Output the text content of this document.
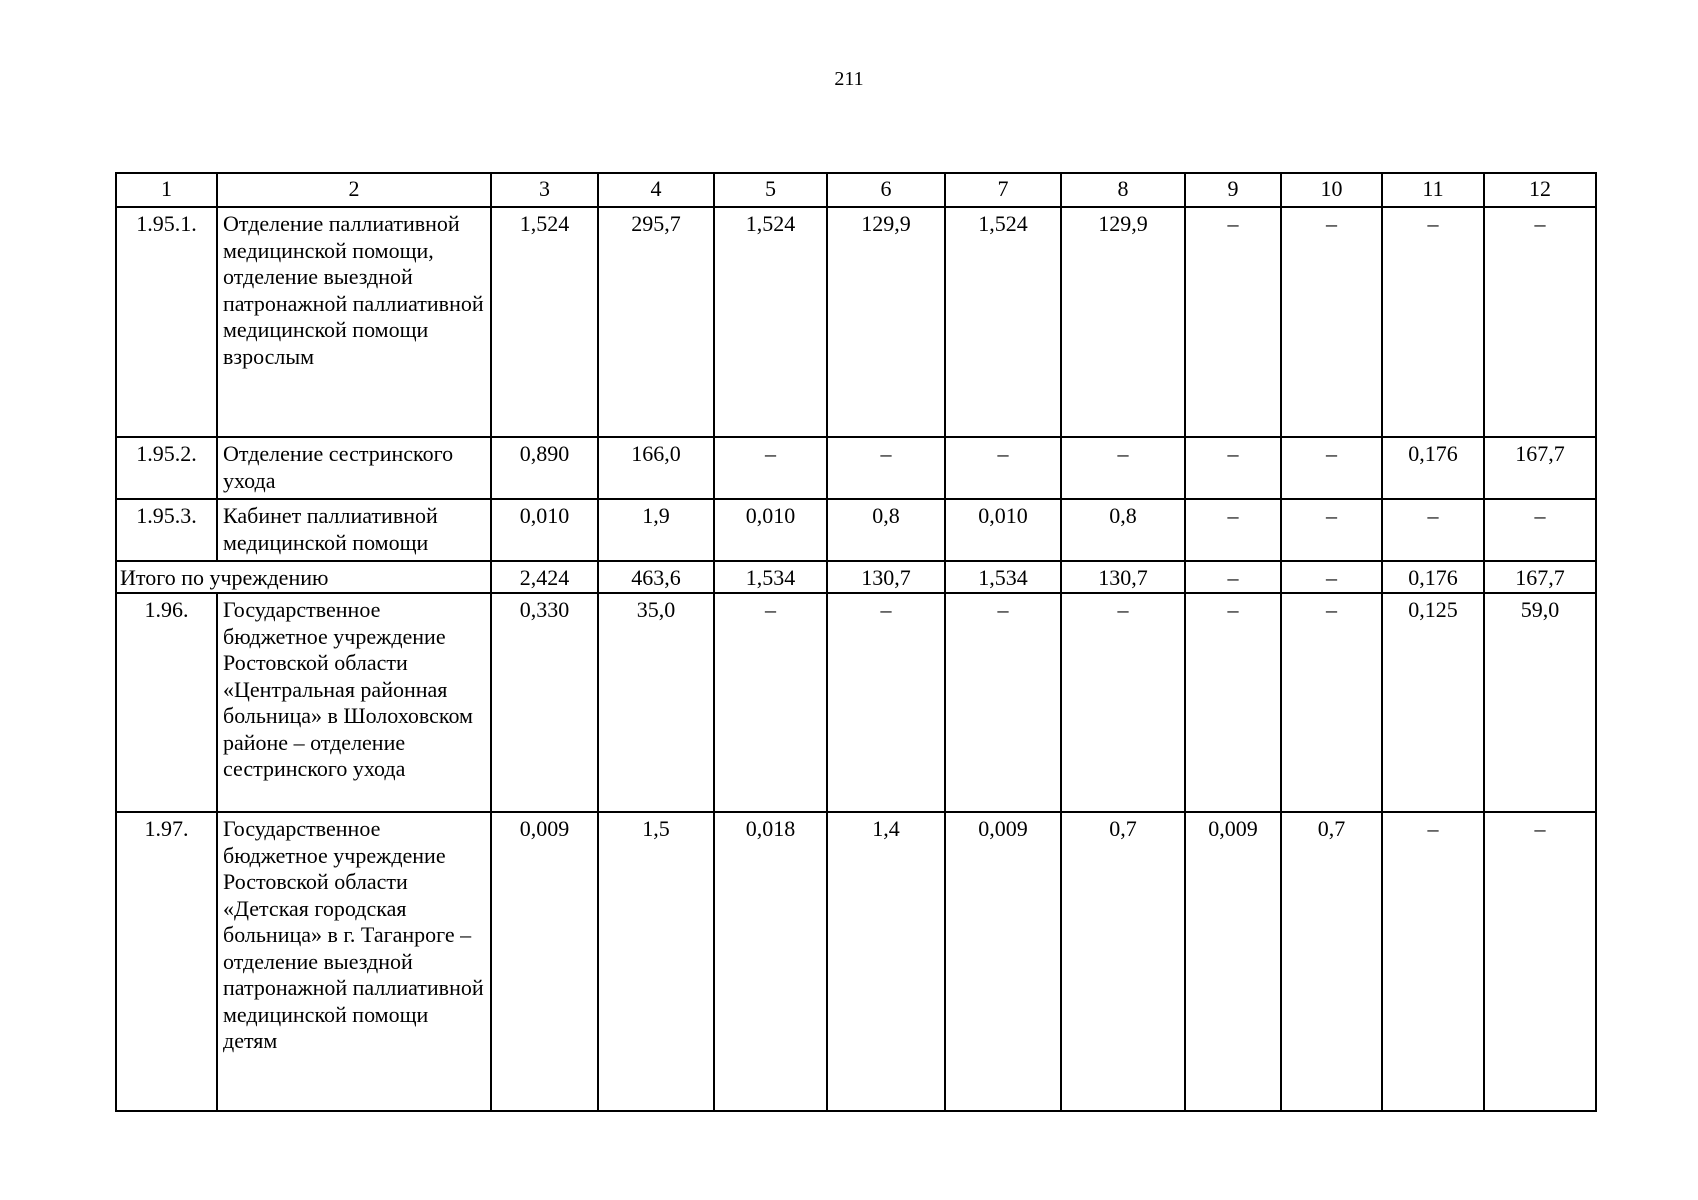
211
1	2	3	4	5	6	7	8	9	10	11	12
1.95.1.	Отделение паллиативной медицинской помощи, отделение выездной патронажной паллиативной медицинской помощи взрослым	1,524	295,7	1,524	129,9	1,524	129,9	–	–	–	–
1.95.2.	Отделение сестринского ухода	0,890	166,0	–	–	–	–	–	–	0,176	167,7
1.95.3.	Кабинет паллиативной медицинской помощи	0,010	1,9	0,010	0,8	0,010	0,8	–	–	–	–
Итого по учреждению		2,424	463,6	1,534	130,7	1,534	130,7	–	–	0,176	167,7
1.96.	Государственное бюджетное учреждение Ростовской области «Центральная районная больница» в Шолоховском районе – отделение сестринского ухода	0,330	35,0	–	–	–	–	–	–	0,125	59,0
1.97.	Государственное бюджетное учреждение Ростовской области «Детская городская больница» в г. Таганроге – отделение выездной патронажной паллиативной медицинской помощи детям	0,009	1,5	0,018	1,4	0,009	0,7	0,009	0,7	–	–
